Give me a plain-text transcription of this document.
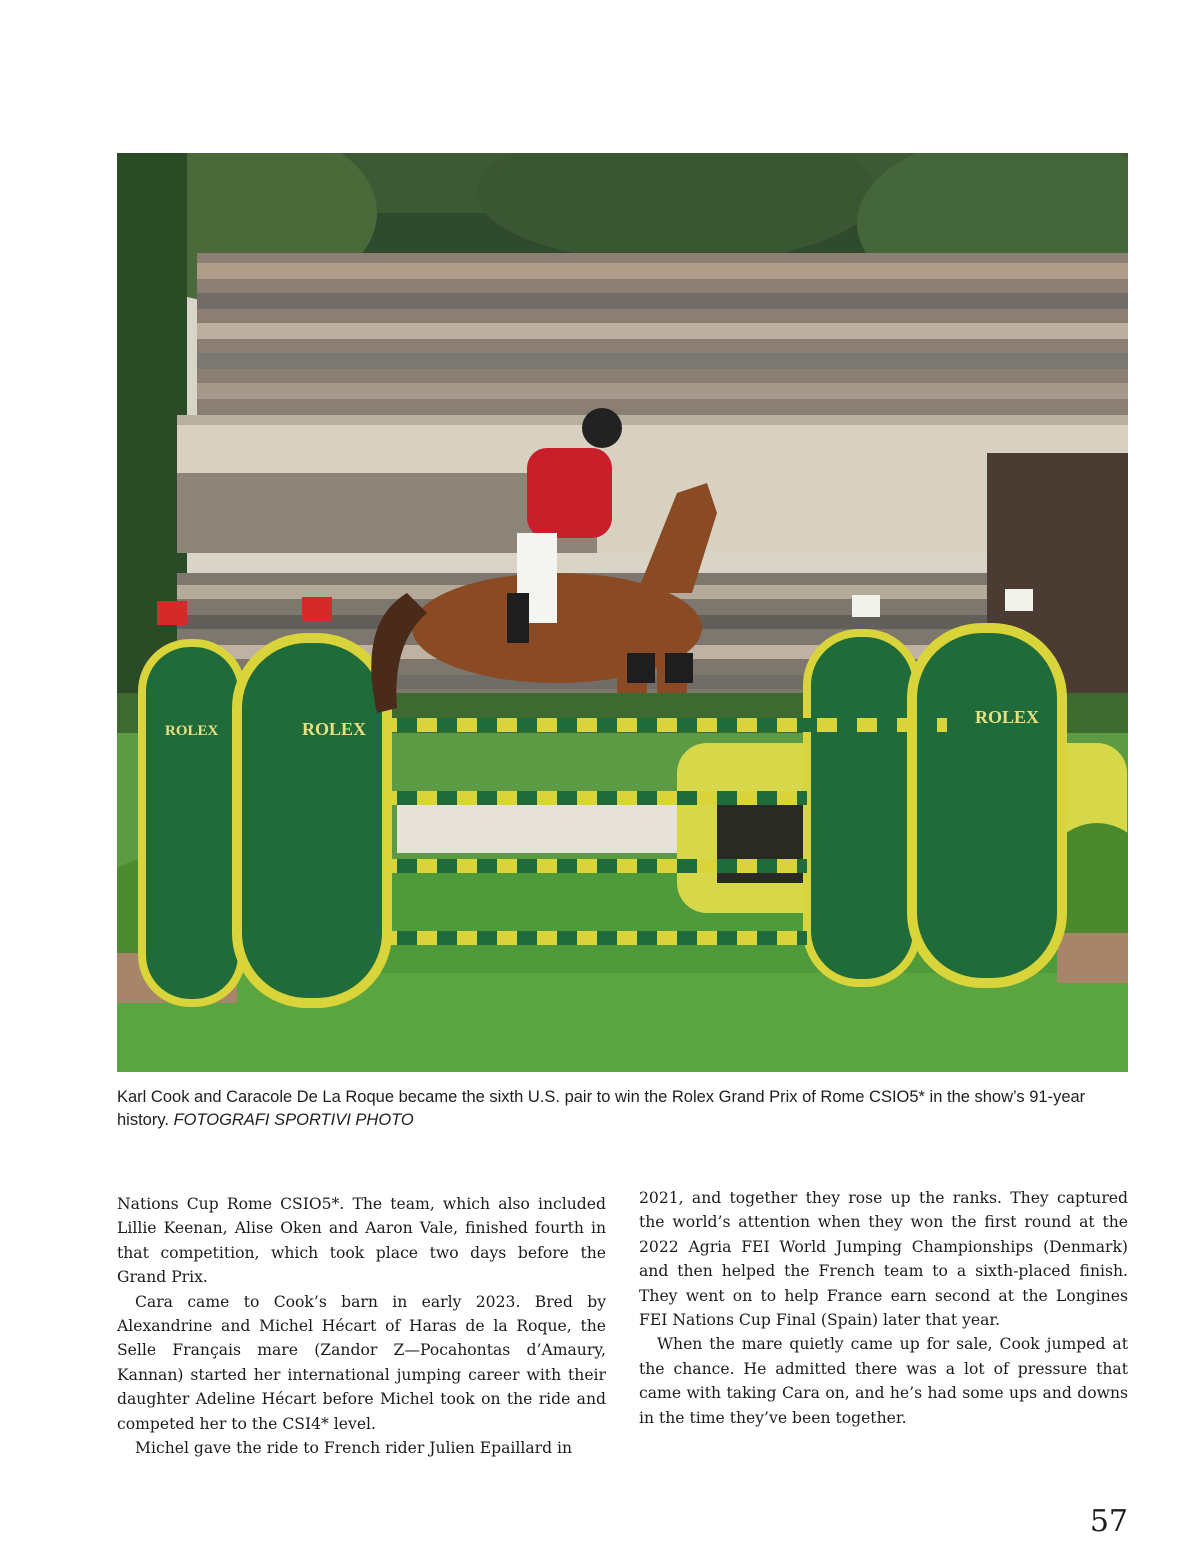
ROLEX	ROLEX
ROLEX
Karl Cook and Caracole De La Roque became the sixth U.S. pair to win the Rolex Grand Prix of Rome CSIO5* in the show’s 91-year history. FOTOGRAFI SPORTIVI PHOTO

Nations Cup Rome CSIO5*. The team, which also included Lillie Keenan, Alise Oken and Aaron Vale, finished fourth in that competition, which took place two days before the Grand Prix.

Cara came to Cook’s barn in early 2023. Bred by Alexandrine and Michel Hécart of Haras de la Roque, the Selle Français mare (Zandor Z—Pocahontas d’Amaury, Kannan) started her international jumping career with their daughter Adeline Hécart before Michel took on the ride and competed her to the CSI4* level.

Michel gave the ride to French rider Julien Epaillard in

2021, and together they rose up the ranks. They captured the world’s attention when they won the first round at the 2022 Agria FEI World Jumping Championships (Denmark) and then helped the French team to a sixth-placed finish. They went on to help France earn second at the Longines FEI Nations Cup Final (Spain) later that year.

When the mare quietly came up for sale, Cook jumped at the chance. He admitted there was a lot of pressure that came with taking Cara on, and he’s had some ups and downs in the time they’ve been together.

57
